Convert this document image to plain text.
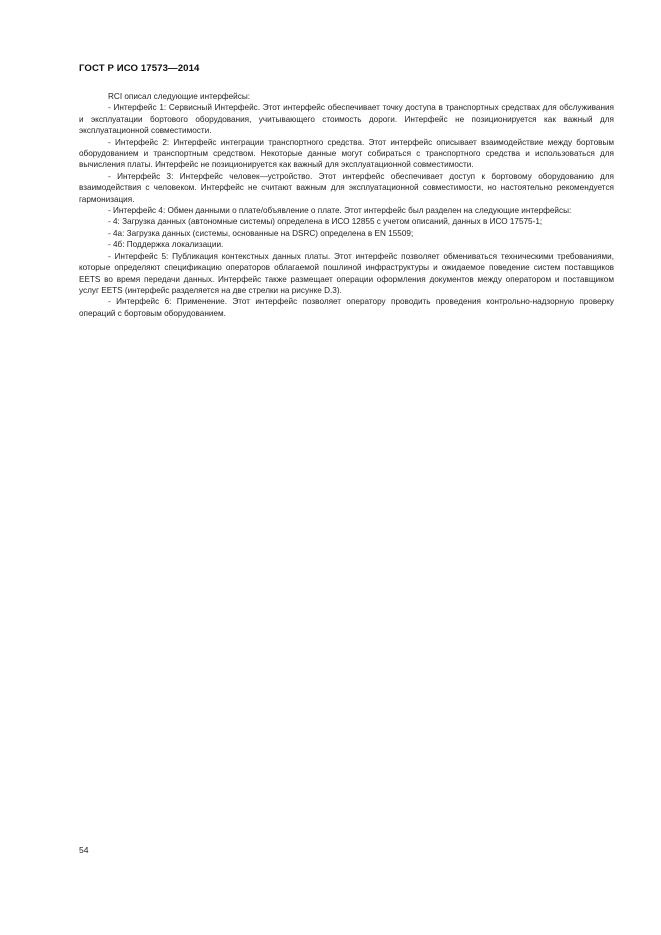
ГОСТ Р ИСО 17573—2014

RCI описал следующие интерфейсы:

- Интерфейс 1: Сервисный Интерфейс. Этот интерфейс обеспечивает точку доступа в транспортных средствах для обслуживания и эксплуатации бортового оборудования, учитывающего стоимость дороги. Интерфейс не позиционируется как важный для эксплуатационной совместимости.

- Интерфейс 2: Интерфейс интеграции транспортного средства. Этот интерфейс описывает взаимодействие между бортовым оборудованием и транспортным средством. Некоторые данные могут собираться с транспортного средства и использоваться для вычисления платы. Интерфейс не позиционируется как важный для эксплуатационной совместимости.

- Интерфейс 3: Интерфейс человек—устройство. Этот интерфейс обеспечивает доступ к бортовому оборудованию для взаимодействия с человеком. Интерфейс не считают важным для эксплуатационной совместимости, но настоятельно рекомендуется гармонизация.

- Интерфейс 4: Обмен данными о плате/объявление о плате. Этот интерфейс был разделен на следующие интерфейсы:

- 4: Загрузка данных (автономные системы) определена в ИСО 12855 с учетом описаний, данных в ИСО 17575-1;

- 4а: Загрузка данных (системы, основанные на DSRC) определена в EN 15509;

- 4б: Поддержка локализации.

- Интерфейс 5: Публикация контекстных данных платы. Этот интерфейс позволяет обмениваться техническими требованиями, которые определяют спецификацию операторов облагаемой пошлиной инфраструктуры и ожидаемое поведение систем поставщиков EETS во время передачи данных. Интерфейс также размещает операции оформления документов между оператором и поставщиком услуг EETS (интерфейс разделяется на две стрелки на рисунке D.3).

- Интерфейс 6: Применение. Этот интерфейс позволяет оператору проводить проведения контрольно-надзорную проверку операций с бортовым оборудованием.

54
